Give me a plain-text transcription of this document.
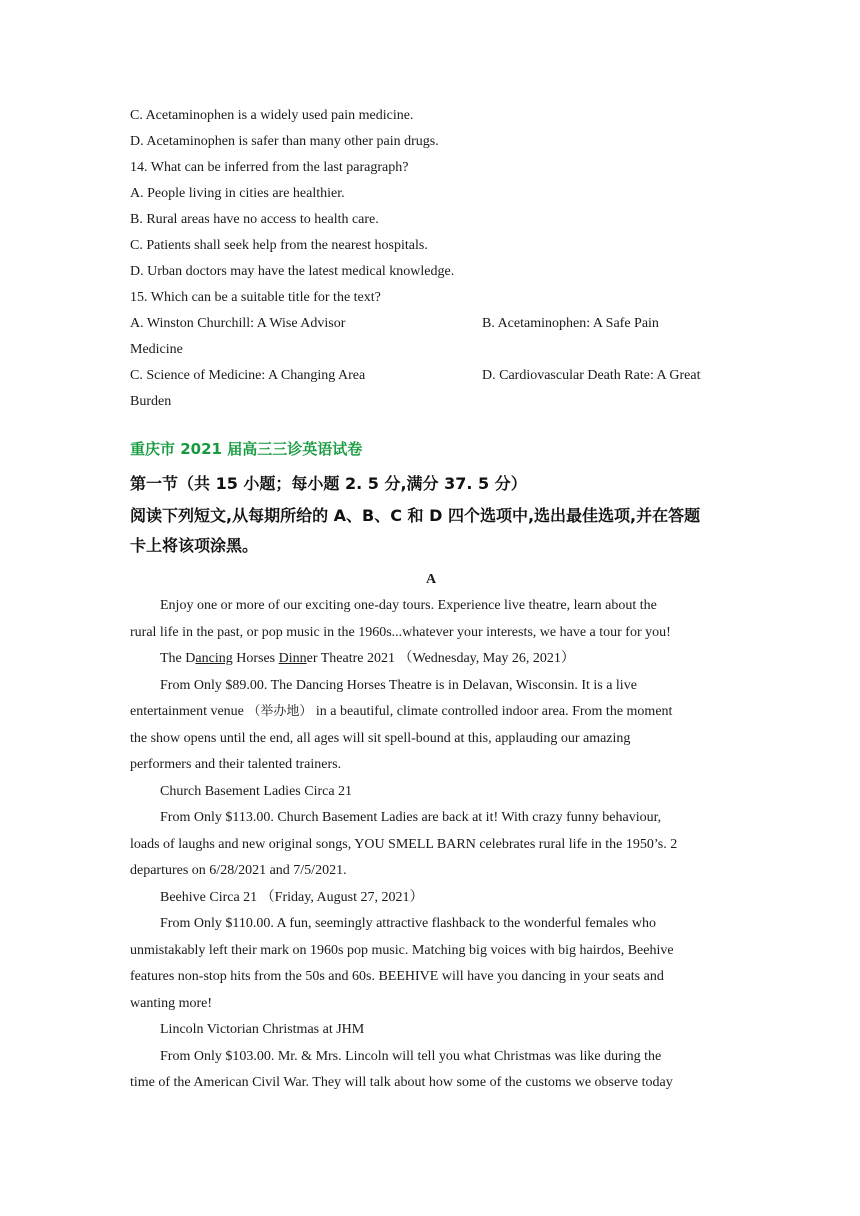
C. Acetaminophen is a widely used pain medicine.
D. Acetaminophen is safer than many other pain drugs.
14. What can be inferred from the last paragraph?
A. People living in cities are healthier.
B. Rural areas have no access to health care.
C. Patients shall seek help from the nearest hospitals.
D. Urban doctors may have the latest medical knowledge.
15. Which can be a suitable title for the text?
A. Winston Churchill: A Wise Advisor	B. Acetaminophen: A Safe Pain
Medicine
C. Science of Medicine: A Changing Area	D. Cardiovascular Death Rate: A Great
Burden
重庆市 2021 届高三三诊英语试卷
第一节（共 15 小题；每小题 2. 5 分,满分 37. 5 分）
阅读下列短文,从每期所给的 A、B、C 和 D 四个选项中,选出最佳选项,并在答题
卡上将该项涂黑。
A
Enjoy one or more of our exciting one-day tours. Experience live theatre, learn about the
rural life in the past, or pop music in the 1960s...whatever your interests, we have a tour for you!
The Dancing Horses Dinner Theatre 2021 （Wednesday, May 26, 2021）
From Only $89.00. The Dancing Horses Theatre is in Delavan, Wisconsin. It is a live
entertainment venue （举办地） in a beautiful, climate controlled indoor area. From the moment
the show opens until the end, all ages will sit spell-bound at this, applauding our amazing
performers and their talented trainers.
Church Basement Ladies Circa 21
From Only $113.00. Church Basement Ladies are back at it! With crazy funny behaviour,
loads of laughs and new original songs, YOU SMELL BARN celebrates rural life in the 1950’s. 2
departures on 6/28/2021 and 7/5/2021.
Beehive Circa 21 （Friday, August 27, 2021）
From Only $110.00. A fun, seemingly attractive flashback to the wonderful females who
unmistakably left their mark on 1960s pop music. Matching big voices with big hairdos, Beehive
features non-stop hits from the 50s and 60s. BEEHIVE will have you dancing in your seats and
wanting more!
Lincoln Victorian Christmas at JHM
From Only $103.00. Mr. & Mrs. Lincoln will tell you what Christmas was like during the
time of the American Civil War. They will talk about how some of the customs we observe today
